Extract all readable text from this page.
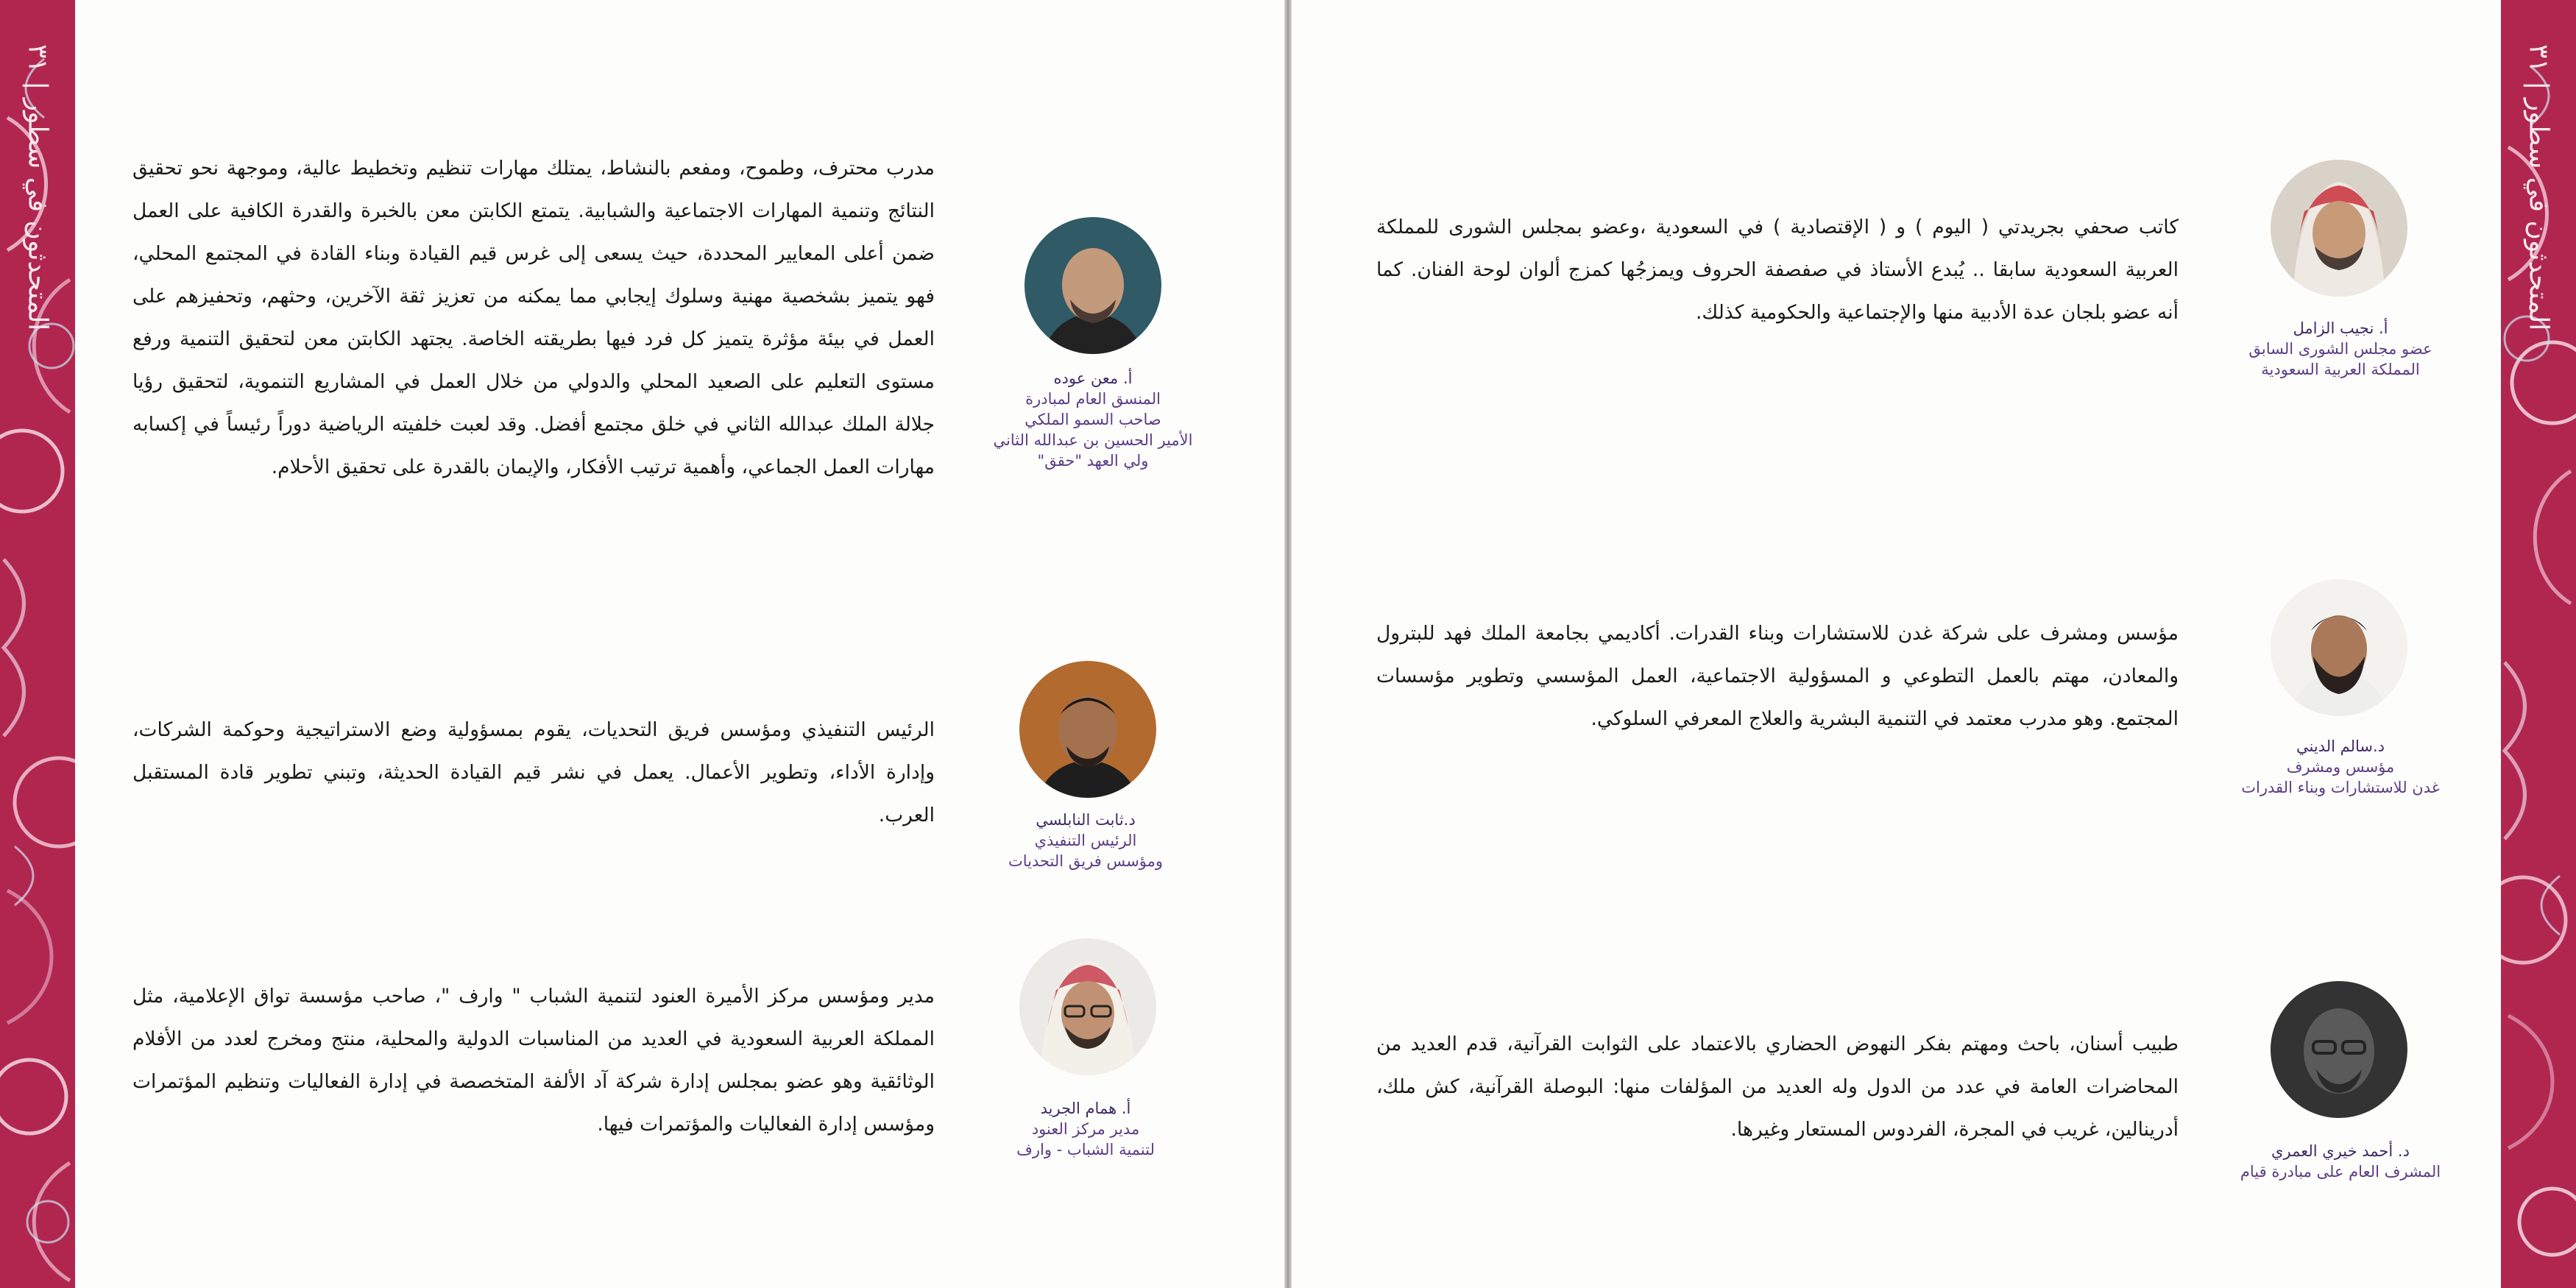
المتحدثون في سطور | ٣١
المتحدثون في سطور | ٣١
أ. نجيب الزامل
عضو مجلس الشورى السابق
المملكة العربية السعودية
كاتب صحفي بجريدتي ( اليوم ) و ( الإقتصادية ) في السعودية ،وعضو بمجلس الشورى للمملكة العربية السعودية سابقا .. يُبدع الأستاذ في صفصفة الحروف ويمزجُها كمزج ألوان لوحة الفنان. كما أنه عضو بلجان عدة الأدبية منها والإجتماعية والحكومية كذلك.
د.سالم الديني
مؤسس ومشرف
غدن للاستشارات وبناء القدرات
مؤسس ومشرف على شركة غدن للاستشارات وبناء القدرات. أكاديمي بجامعة الملك فهد للبترول والمعادن، مهتم بالعمل التطوعي و المسؤولية الاجتماعية، العمل المؤسسي وتطوير مؤسسات المجتمع. وهو مدرب معتمد في التنمية البشرية والعلاج المعرفي السلوكي.
د. أحمد خيري العمري
المشرف العام على مبادرة قيام
طبيب أسنان، باحث ومهتم بفكر النهوض الحضاري بالاعتماد على الثوابت القرآنية، قدم العديد من المحاضرات العامة في عدد من الدول وله العديد من المؤلفات منها: البوصلة القرآنية، كش ملك، أدرينالين، غريب في المجرة، الفردوس المستعار وغيرها.
أ. معن عوده
المنسق العام لمبادرة
صاحب السمو الملكي
الأمير الحسين بن عبدالله الثاني
ولي العهد "حقق"
مدرب محترف، وطموح، ومفعم بالنشاط، يمتلك مهارات تنظيم وتخطيط عالية، وموجهة نحو تحقيق النتائج وتنمية المهارات الاجتماعية والشبابية. يتمتع الكابتن معن بالخبرة والقدرة الكافية على العمل ضمن أعلى المعايير المحددة، حيث يسعى إلى غرس قيم القيادة وبناء القادة في المجتمع المحلي، فهو يتميز بشخصية مهنية وسلوك إيجابي مما يمكنه من تعزيز ثقة الآخرين، وحثهم، وتحفيزهم على العمل في بيئة مؤثرة يتميز كل فرد فيها بطريقته الخاصة. يجتهد الكابتن معن لتحقيق التنمية ورفع مستوى التعليم على الصعيد المحلي والدولي من خلال العمل في المشاريع التنموية، لتحقيق رؤيا جلالة الملك عبدالله الثاني في خلق مجتمع أفضل. وقد لعبت خلفيته الرياضية دوراً رئيساً في إكسابه مهارات العمل الجماعي، وأهمية ترتيب الأفكار، والإيمان بالقدرة على تحقيق الأحلام.
د.ثابت النابلسي
الرئيس التنفيذي
ومؤسس فريق التحديات
الرئيس التنفيذي ومؤسس فريق التحديات، يقوم بمسؤولية وضع الاستراتيجية وحوكمة الشركات، وإدارة الأداء، وتطوير الأعمال. يعمل في نشر قيم القيادة الحديثة، وتبني تطوير قادة المستقبل العرب.
أ. همام الجريد
مدير مركز العنود
لتنمية الشباب - وارف
مدير ومؤسس مركز الأميرة العنود لتنمية الشباب " وارف "، صاحب مؤسسة تواق الإعلامية، مثل المملكة العربية السعودية في العديد من المناسبات الدولية والمحلية، منتج ومخرج لعدد من الأفلام الوثائقية وهو عضو بمجلس إدارة شركة آد الألفة المتخصصة في إدارة الفعاليات وتنظيم المؤتمرات ومؤسس إدارة الفعاليات والمؤتمرات فيها.
